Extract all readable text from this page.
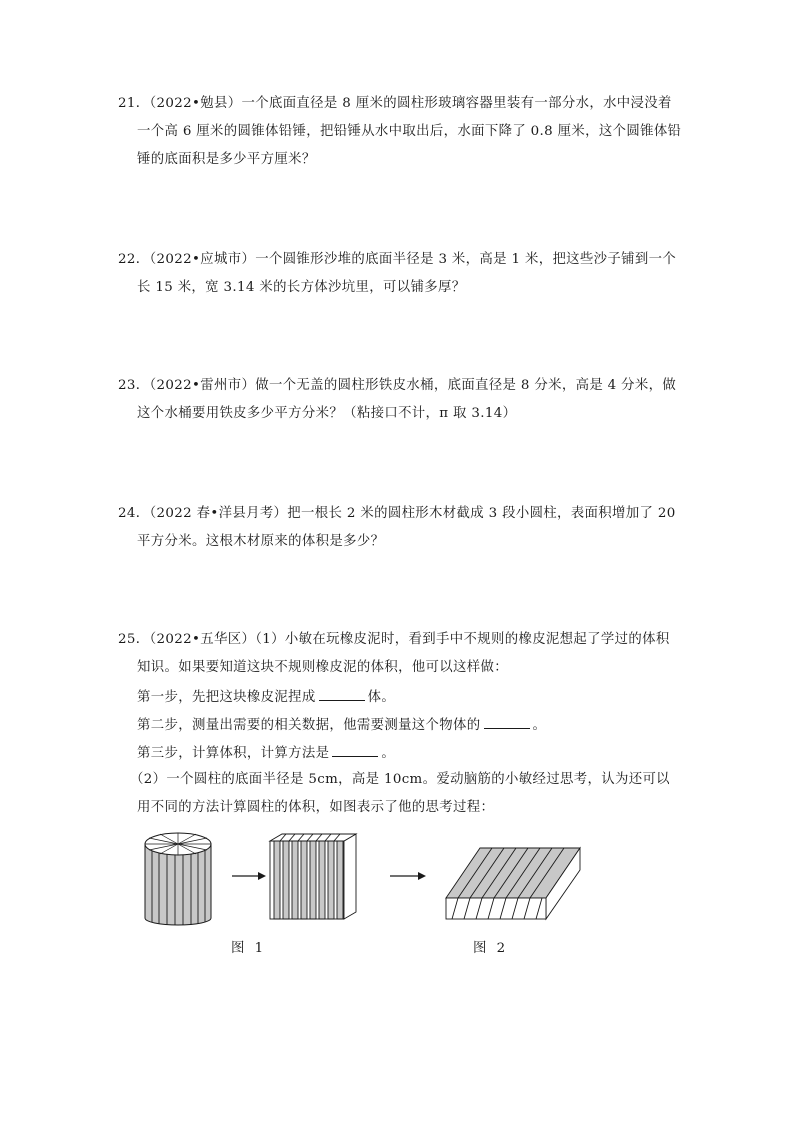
21．（2022•勉县）一个底面直径是 8 厘米的圆柱形玻璃容器里装有一部分水，水中浸没着
一个高 6 厘米的圆锥体铅锤，把铅锤从水中取出后，水面下降了 0.8 厘米，这个圆锥体铅
锤的底面积是多少平方厘米？
22．（2022•应城市）一个圆锥形沙堆的底面半径是 3 米，高是 1 米，把这些沙子铺到一个
长 15 米，宽 3.14 米的长方体沙坑里，可以铺多厚？
23．（2022•雷州市）做一个无盖的圆柱形铁皮水桶，底面直径是 8 分米，高是 4 分米，做
这个水桶要用铁皮多少平方分米？（粘接口不计，π 取 3.14）
24．（2022 春•洋县月考）把一根长 2 米的圆柱形木材截成 3 段小圆柱，表面积增加了 20
平方分米。这根木材原来的体积是多少？
25．（2022•五华区）（1）小敏在玩橡皮泥时，看到手中不规则的橡皮泥想起了学过的体积
知识。如果要知道这块不规则橡皮泥的体积，他可以这样做：
第一步，先把这块橡皮泥捏成	体。
第二步，测量出需要的相关数据，他需要测量这个物体的	。
第三步，计算体积，计算方法是	。
（2）一个圆柱的底面半径是 5cm，高是 10cm。爱动脑筋的小敏经过思考，认为还可以
用不同的方法计算圆柱的体积，如图表示了他的思考过程：
图 1	图 2
